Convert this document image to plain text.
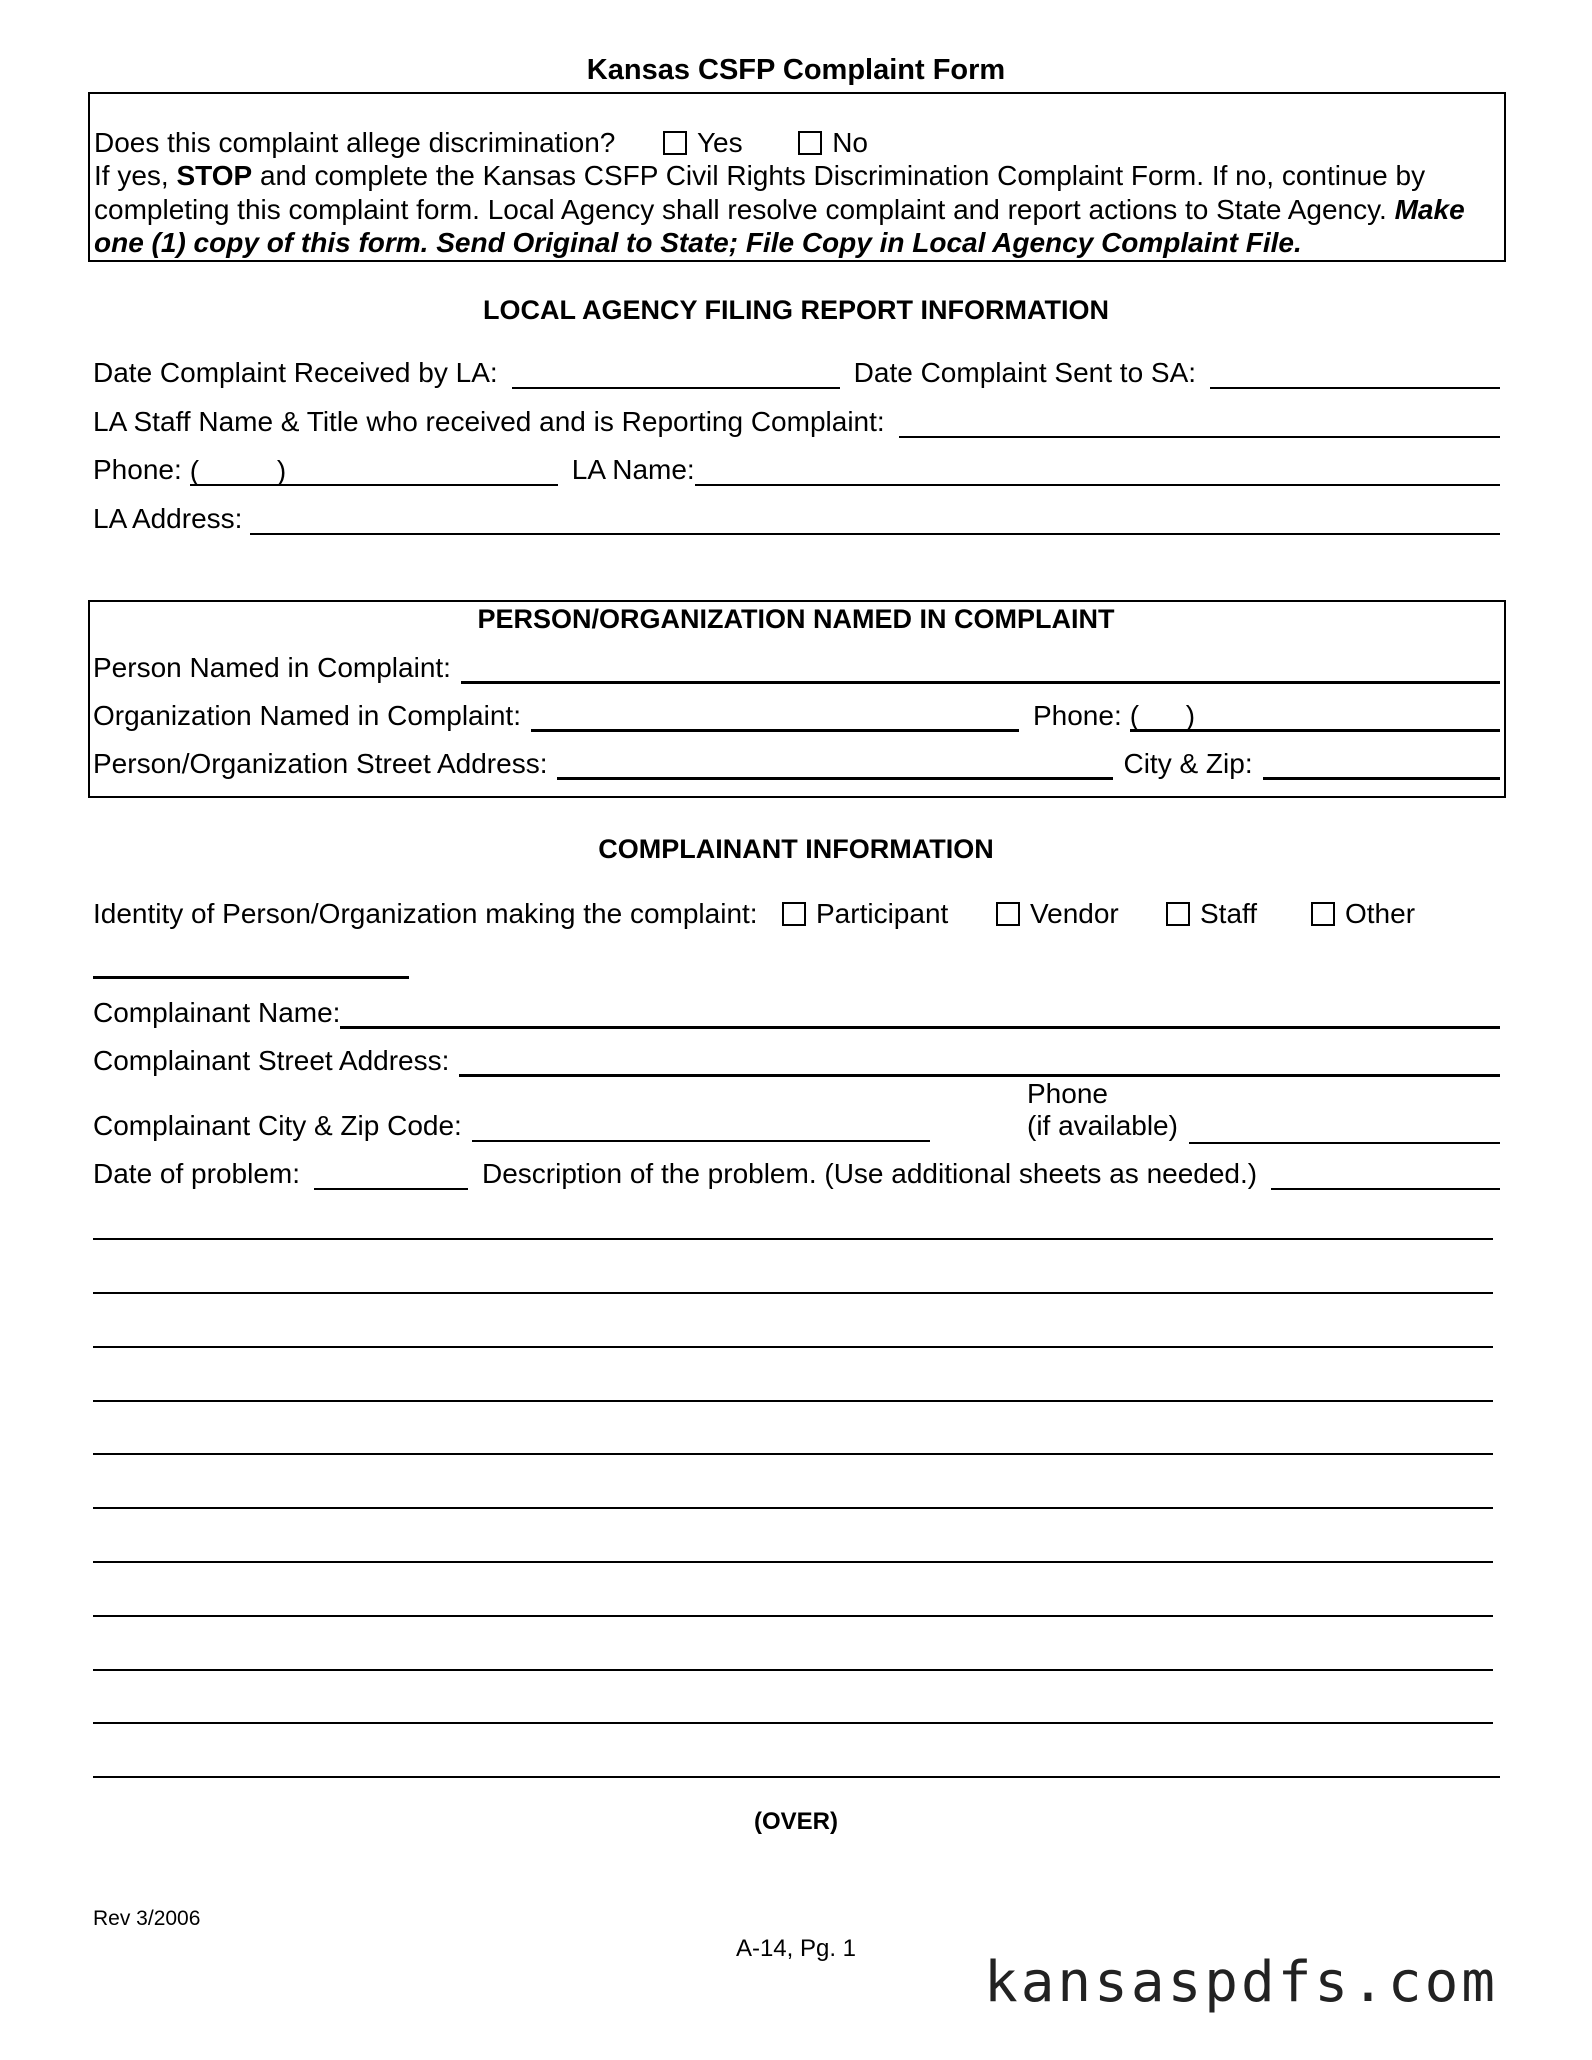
Kansas CSFP Complaint Form
Does this complaint allege discrimination?	Yes	No
If yes, STOP and complete the Kansas CSFP Civil Rights Discrimination Complaint Form. If no, continue by
completing this complaint form. Local Agency shall resolve complaint and report actions to State Agency. Make
one (1) copy of this form. Send Original to State; File Copy in Local Agency Complaint File.
LOCAL AGENCY FILING REPORT INFORMATION
Date Complaint Received by LA:	Date Complaint Sent to SA:
LA Staff Name & Title who received and is Reporting Complaint:
Phone: (          )	LA Name:
LA Address:
PERSON/ORGANIZATION NAMED IN COMPLAINT
Person Named in Complaint:
Organization Named in Complaint:	Phone: (      )
Person/Organization Street Address:	City & Zip:
COMPLAINANT INFORMATION
Identity of Person/Organization making the complaint:	Participant	Vendor	Staff	Other
Complainant Name:
Complainant Street Address:
Complainant City & Zip Code:
Phone
(if available)
Date of problem:	Description of the problem. (Use additional sheets as needed.)
(OVER)
Rev 3/2006
A-14, Pg. 1
kansaspdfs.com
